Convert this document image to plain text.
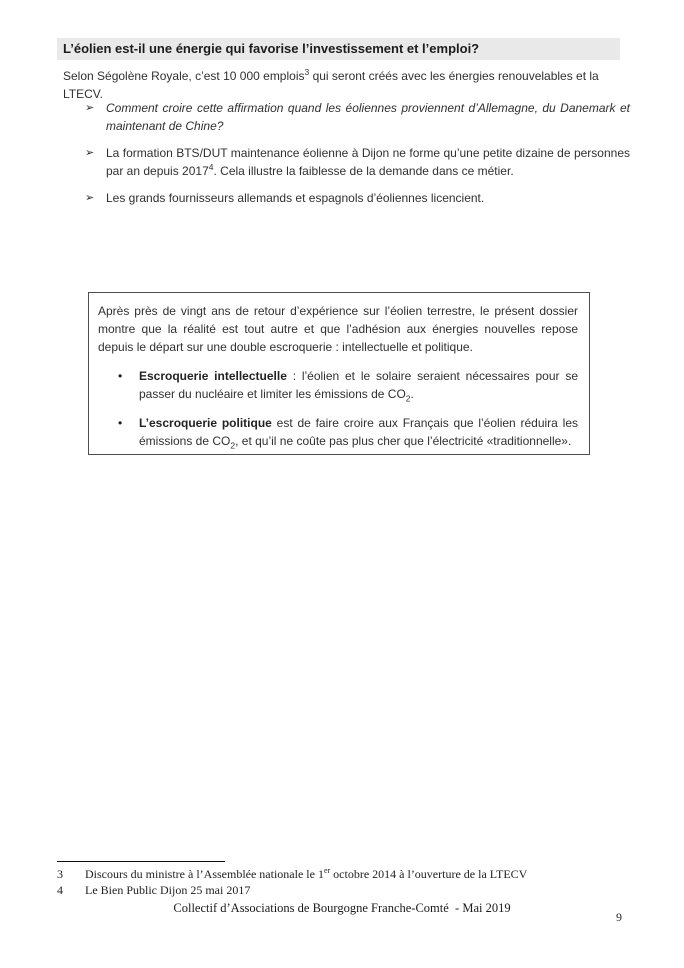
L’éolien est-il une énergie qui favorise l’investissement et l’emploi?
Selon Ségolène Royale, c’est 10 000 emplois$^3$ qui seront créés avec les énergies renouvelables et la LTECV.
➢ Comment croire cette affirmation quand les éoliennes proviennent d’Allemagne, du Danemark et maintenant de Chine?
➢ La formation BTS/DUT maintenance éolienne à Dijon ne forme qu’une petite dizaine de personnes par an depuis 2017$^4$. Cela illustre la faiblesse de la demande dans ce métier.
➢ Les grands fournisseurs allemands et espagnols d’éoliennes licencient.

Après près de vingt ans de retour d’expérience sur l’éolien terrestre, le présent dossier montre que la réalité est tout autre et que l’adhésion aux énergies nouvelles repose depuis le départ sur une double escroquerie : intellectuelle et politique.

• Escroquerie intellectuelle : l’éolien et le solaire seraient nécessaires pour se passer du nucléaire et limiter les émissions de $CO_2$.
• L’escroquerie politique est de faire croire aux Français que l’éolien réduira les émissions de $CO_2$, et qu’il ne coûte pas plus cher que l’électricité «traditionnelle».
3	Discours du ministre à l’Assemblée nationale le 1er octobre 2014 à l’ouverture de la LTECV
4	Le Bien Public Dijon 25 mai 2017
Collectif d’Associations de Bourgogne Franche-Comté  - Mai 2019
9
